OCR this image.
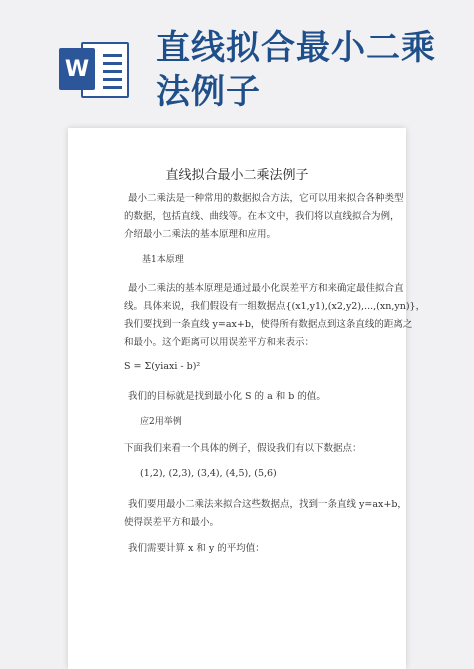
W
直线拟合最小二乘
法例子
直线拟合最小二乘法例子
最小二乘法是一种常用的数据拟合方法，它可以用来拟合各种类型
的数据，包括直线、曲线等。在本文中，我们将以直线拟合为例，
介绍最小二乘法的基本原理和应用。
基1本原理
最小二乘法的基本原理是通过最小化误差平方和来确定最佳拟合直
线。具体来说，我们假设有一组数据点{(x1,y1),(x2,y2),...,(xn,yn)}，
我们要找到一条直线 y=ax+b，使得所有数据点到这条直线的距离之
和最小。这个距离可以用误差平方和来表示：
S = Σ(yiaxi - b)²
我们的目标就是找到最小化 S 的 a 和 b 的值。
应2用举例
下面我们来看一个具体的例子，假设我们有以下数据点：
(1,2), (2,3), (3,4), (4,5), (5,6)
我们要用最小二乘法来拟合这些数据点，找到一条直线 y=ax+b，
使得误差平方和最小。
我们需要计算 x 和 y 的平均值：
